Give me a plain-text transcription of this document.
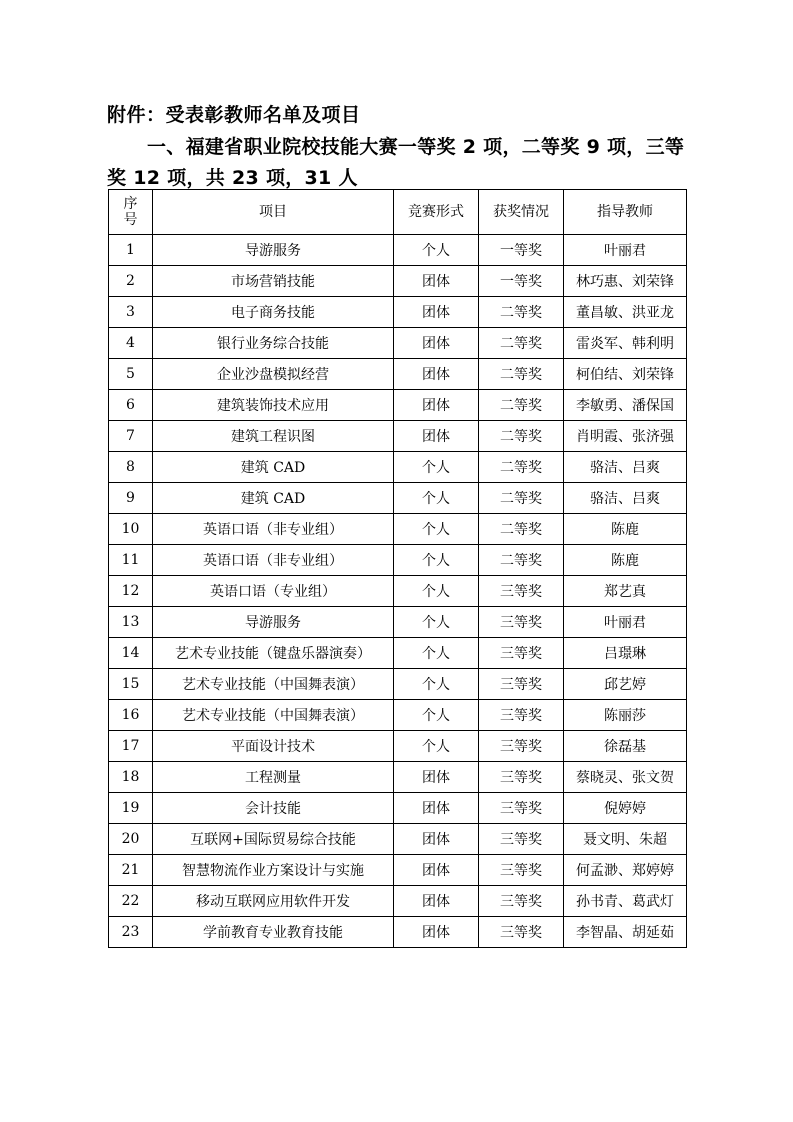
附件：受表彰教师名单及项目
一、福建省职业院校技能大赛一等奖 2 项，二等奖 9 项，三等奖 12 项，共 23 项，31 人
序
号	项目	竞赛形式	获奖情况	指导教师
1	导游服务	个人	一等奖	叶丽君
2	市场营销技能	团体	一等奖	林巧惠、刘荣锋
3	电子商务技能	团体	二等奖	董昌敏、洪亚龙
4	银行业务综合技能	团体	二等奖	雷炎军、韩利明
5	企业沙盘模拟经营	团体	二等奖	柯伯结、刘荣锋
6	建筑装饰技术应用	团体	二等奖	李敏勇、潘保国
7	建筑工程识图	团体	二等奖	肖明霞、张济强
8	建筑 CAD	个人	二等奖	骆洁、吕爽
9	建筑 CAD	个人	二等奖	骆洁、吕爽
10	英语口语（非专业组）	个人	二等奖	陈鹿
11	英语口语（非专业组）	个人	二等奖	陈鹿
12	英语口语（专业组）	个人	三等奖	郑艺真
13	导游服务	个人	三等奖	叶丽君
14	艺术专业技能（键盘乐器演奏）	个人	三等奖	吕璟琳
15	艺术专业技能（中国舞表演）	个人	三等奖	邱艺婷
16	艺术专业技能（中国舞表演）	个人	三等奖	陈丽莎
17	平面设计技术	个人	三等奖	徐磊基
18	工程测量	团体	三等奖	蔡晓灵、张文贺
19	会计技能	团体	三等奖	倪婷婷
20	互联网+国际贸易综合技能	团体	三等奖	聂文明、朱超
21	智慧物流作业方案设计与实施	团体	三等奖	何孟渺、郑婷婷
22	移动互联网应用软件开发	团体	三等奖	孙书青、葛武灯
23	学前教育专业教育技能	团体	三等奖	李智晶、胡延茹
